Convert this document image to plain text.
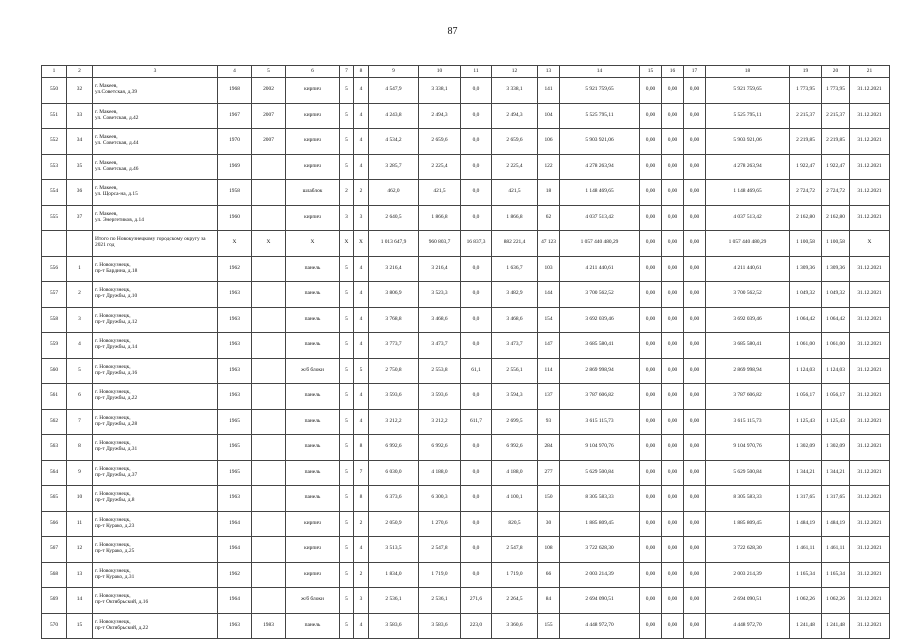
87
1	2	3	4	5	6	7	8	9	10	11	12	13	14	15	16	17	18	19	20	21
550	32	г. Макеев,
ул.Советская, д.39	1968	2002	кирпич	5	4	4 547,9	3 338,1	0,0	3 338,1	141	5 921 759,65	0,00	0,00	0,00	5 921 759,65	1 773,95	1 773,95	31.12.2021
551	33	г. Макеев,
ул. Советская, д.42	1967	2007	кирпич	5	4	4 243,8	2 494,3	0,0	2 494,3	104	5 525 795,11	0,00	0,00	0,00	5 525 795,11	2 215,37	2 215,37	31.12.2021
552	34	г. Макеев,
ул. Советская, д.44	1970	2007	кирпич	5	4	4 534,2	2 659,6	0,0	2 659,6	106	5 903 921,06	0,00	0,00	0,00	5 903 921,06	2 219,85	2 219,85	31.12.2021
553	35	г. Макеев,
ул. Советская, д.46	1969		кирпич	5	4	3 285,7	2 225,4	0,0	2 225,4	122	4 278 263,94	0,00	0,00	0,00	4 278 263,94	1 922,47	1 922,47	31.12.2021
554	36	г. Макеев,
ул. Щорса-на, д.15	1958		шлаблок	2	2	462,0	421,5	0,0	421,5	18	1 148 469,65	0,00	0,00	0,00	1 148 469,65	2 724,72	2 724,72	31.12.2021
555	37	г. Макеев,
ул. Энергетиков, д.14	1960		кирпич	3	3	2 640,5	1 866,8	0,0	1 866,8	62	4 037 513,42	0,00	0,00	0,00	4 037 513,42	2 162,80	2 162,80	31.12.2021
		Итого по Новокузнецкому городскому округу за 2021 год	X	X	X	X	X	1 013 647,9	960 803,7	16 837,3	882 221,4	47 123	1 057 440 480,29	0,00	0,00	0,00	1 057 440 480,29	1 100,58	1 100,58	X
556	1	г. Новокузнецк,
пр-т Бардина, д.18	1962		панель	5	4	3 216,4	3 216,4	0,0	1 636,7	103	4 211 440,61	0,00	0,00	0,00	4 211 440,61	1 309,36	1 309,36	31.12.2021
557	2	г. Новокузнецк,
пр-т Дружбы, д.10	1963		панель	5	4	3 806,9	3 523,3	0,0	3 482,9	144	3 700 562,52	0,00	0,00	0,00	3 700 562,52	1 049,32	1 049,32	31.12.2021
558	3	г. Новокузнецк,
пр-т Дружбы, д.12	1963		панель	5	4	3 768,8	3 468,6	0,0	3 468,6	154	3 692 039,46	0,00	0,00	0,00	3 692 039,46	1 064,42	1 064,42	31.12.2021
559	4	г. Новокузнецк,
пр-т Дружбы, д.14	1963		панель	5	4	3 773,7	3 473,7	0,0	3 473,7	147	3 685 580,41	0,00	0,00	0,00	3 685 580,41	1 061,00	1 061,00	31.12.2021
560	5	г. Новокузнецк,
пр-т Дружбы, д.16	1963		ж/б блоки	5	5	2 750,8	2 553,8	61,1	2 556,1	114	2 869 998,94	0,00	0,00	0,00	2 869 998,94	1 124,03	1 124,03	31.12.2021
561	6	г. Новокузнецк,
пр-т Дружбы, д.22	1963		панель	5	4	3 593,6	3 593,6	0,0	3 594,3	137	3 787 606,82	0,00	0,00	0,00	3 787 606,82	1 056,17	1 056,17	31.12.2021
562	7	г. Новокузнецк,
пр-т Дружбы, д.28	1965		панель	5	4	3 212,2	3 212,2	611,7	2 699,5	93	3 615 115,73	0,00	0,00	0,00	3 615 115,73	1 125,43	1 125,43	31.12.2021
563	8	г. Новокузнецк,
пр-т Дружбы, д.31	1965		панель	5	8	6 992,6	6 992,6	0,0	6 992,6	284	9 104 970,76	0,00	0,00	0,00	9 104 970,76	1 302,09	1 302,09	31.12.2021
564	9	г. Новокузнецк,
пр-т Дружбы, д.37	1965		панель	5	7	6 030,0	4 188,0	0,0	4 188,0	277	5 629 500,84	0,00	0,00	0,00	5 629 500,84	1 344,21	1 344,21	31.12.2021
565	10	г. Новокузнецк,
пр-т Дружбы, д.8	1963		панель	5	8	6 373,6	6 300,3	0,0	4 100,1	150	8 305 583,33	0,00	0,00	0,00	8 305 583,33	1 317,65	1 317,65	31.12.2021
566	11	г. Новокузнецк,
пр-т Курако, д.23	1964		кирпич	5	2	2 050,9	1 270,6	0,0	820,5	30	1 885 809,45	0,00	0,00	0,00	1 885 809,45	1 484,19	1 484,19	31.12.2021
567	12	г. Новокузнецк,
пр-т Курако, д.25	1964		кирпич	5	4	3 513,5	2 547,8	0,0	2 547,8	108	3 722 628,30	0,00	0,00	0,00	3 722 628,30	1 461,11	1 461,11	31.12.2021
568	13	г. Новокузнецк,
пр-т Курако, д.31	1962		кирпич	5	2	1 834,0	1 719,0	0,0	1 719,0	66	2 003 214,39	0,00	0,00	0,00	2 003 214,39	1 165,34	1 165,34	31.12.2021
569	14	г. Новокузнецк,
пр-т Октябрьский, д.16	1964		ж/б блоки	5	3	2 536,1	2 536,1	271,6	2 264,5	84	2 694 090,51	0,00	0,00	0,00	2 694 090,51	1 062,26	1 062,26	31.12.2021
570	15	г. Новокузнецк,
пр-т Октябрьский, д.22	1963	1983	панель	5	4	3 583,6	3 583,6	223,0	3 360,6	155	4 448 972,70	0,00	0,00	0,00	4 448 972,70	1 241,48	1 241,48	31.12.2021
